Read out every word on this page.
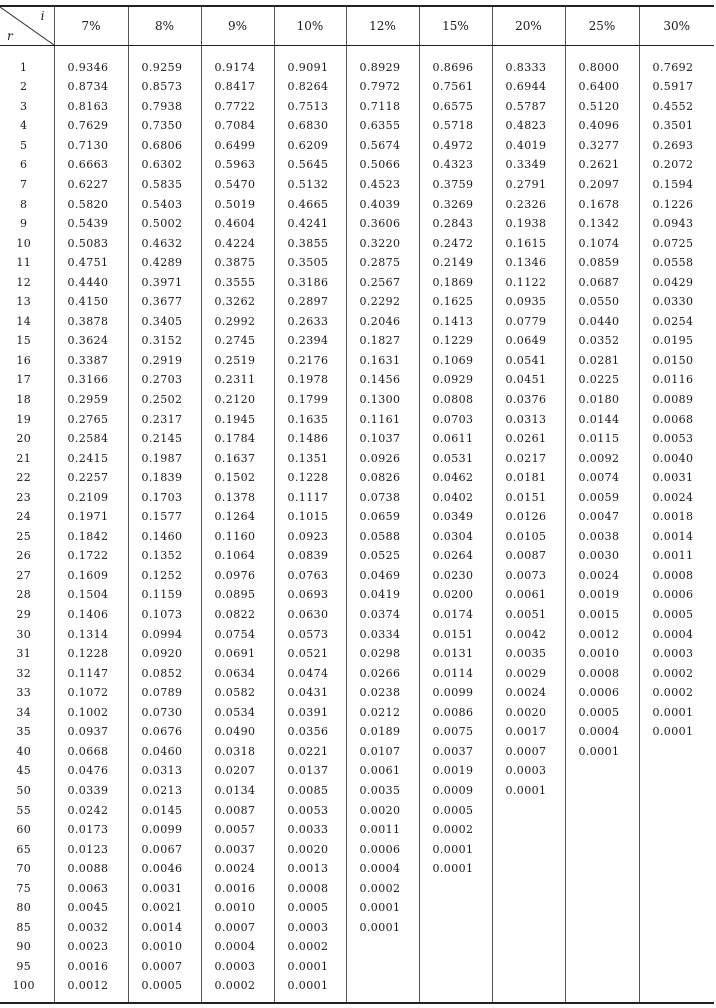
i
r	7%	8%	9%	10%	12%	15%	20%	25%	30%
1	0.9346	0.9259	0.9174	0.9091	0.8929	0.8696	0.8333	0.8000	0.7692
2	0.8734	0.8573	0.8417	0.8264	0.7972	0.7561	0.6944	0.6400	0.5917
3	0.8163	0.7938	0.7722	0.7513	0.7118	0.6575	0.5787	0.5120	0.4552
4	0.7629	0.7350	0.7084	0.6830	0.6355	0.5718	0.4823	0.4096	0.3501
5	0.7130	0.6806	0.6499	0.6209	0.5674	0.4972	0.4019	0.3277	0.2693
6	0.6663	0.6302	0.5963	0.5645	0.5066	0.4323	0.3349	0.2621	0.2072
7	0.6227	0.5835	0.5470	0.5132	0.4523	0.3759	0.2791	0.2097	0.1594
8	0.5820	0.5403	0.5019	0.4665	0.4039	0.3269	0.2326	0.1678	0.1226
9	0.5439	0.5002	0.4604	0.4241	0.3606	0.2843	0.1938	0.1342	0.0943
10	0.5083	0.4632	0.4224	0.3855	0.3220	0.2472	0.1615	0.1074	0.0725
11	0.4751	0.4289	0.3875	0.3505	0.2875	0.2149	0.1346	0.0859	0.0558
12	0.4440	0.3971	0.3555	0.3186	0.2567	0.1869	0.1122	0.0687	0.0429
13	0.4150	0.3677	0.3262	0.2897	0.2292	0.1625	0.0935	0.0550	0.0330
14	0.3878	0.3405	0.2992	0.2633	0.2046	0.1413	0.0779	0.0440	0.0254
15	0.3624	0.3152	0.2745	0.2394	0.1827	0.1229	0.0649	0.0352	0.0195
16	0.3387	0.2919	0.2519	0.2176	0.1631	0.1069	0.0541	0.0281	0.0150
17	0.3166	0.2703	0.2311	0.1978	0.1456	0.0929	0.0451	0.0225	0.0116
18	0.2959	0.2502	0.2120	0.1799	0.1300	0.0808	0.0376	0.0180	0.0089
19	0.2765	0.2317	0.1945	0.1635	0.1161	0.0703	0.0313	0.0144	0.0068
20	0.2584	0.2145	0.1784	0.1486	0.1037	0.0611	0.0261	0.0115	0.0053
21	0.2415	0.1987	0.1637	0.1351	0.0926	0.0531	0.0217	0.0092	0.0040
22	0.2257	0.1839	0.1502	0.1228	0.0826	0.0462	0.0181	0.0074	0.0031
23	0.2109	0.1703	0.1378	0.1117	0.0738	0.0402	0.0151	0.0059	0.0024
24	0.1971	0.1577	0.1264	0.1015	0.0659	0.0349	0.0126	0.0047	0.0018
25	0.1842	0.1460	0.1160	0.0923	0.0588	0.0304	0.0105	0.0038	0.0014
26	0.1722	0.1352	0.1064	0.0839	0.0525	0.0264	0.0087	0.0030	0.0011
27	0.1609	0.1252	0.0976	0.0763	0.0469	0.0230	0.0073	0.0024	0.0008
28	0.1504	0.1159	0.0895	0.0693	0.0419	0.0200	0.0061	0.0019	0.0006
29	0.1406	0.1073	0.0822	0.0630	0.0374	0.0174	0.0051	0.0015	0.0005
30	0.1314	0.0994	0.0754	0.0573	0.0334	0.0151	0.0042	0.0012	0.0004
31	0.1228	0.0920	0.0691	0.0521	0.0298	0.0131	0.0035	0.0010	0.0003
32	0.1147	0.0852	0.0634	0.0474	0.0266	0.0114	0.0029	0.0008	0.0002
33	0.1072	0.0789	0.0582	0.0431	0.0238	0.0099	0.0024	0.0006	0.0002
34	0.1002	0.0730	0.0534	0.0391	0.0212	0.0086	0.0020	0.0005	0.0001
35	0.0937	0.0676	0.0490	0.0356	0.0189	0.0075	0.0017	0.0004	0.0001
40	0.0668	0.0460	0.0318	0.0221	0.0107	0.0037	0.0007	0.0001	
45	0.0476	0.0313	0.0207	0.0137	0.0061	0.0019	0.0003		
50	0.0339	0.0213	0.0134	0.0085	0.0035	0.0009	0.0001		
55	0.0242	0.0145	0.0087	0.0053	0.0020	0.0005			
60	0.0173	0.0099	0.0057	0.0033	0.0011	0.0002			
65	0.0123	0.0067	0.0037	0.0020	0.0006	0.0001			
70	0.0088	0.0046	0.0024	0.0013	0.0004	0.0001			
75	0.0063	0.0031	0.0016	0.0008	0.0002				
80	0.0045	0.0021	0.0010	0.0005	0.0001				
85	0.0032	0.0014	0.0007	0.0003	0.0001				
90	0.0023	0.0010	0.0004	0.0002					
95	0.0016	0.0007	0.0003	0.0001					
100	0.0012	0.0005	0.0002	0.0001					
